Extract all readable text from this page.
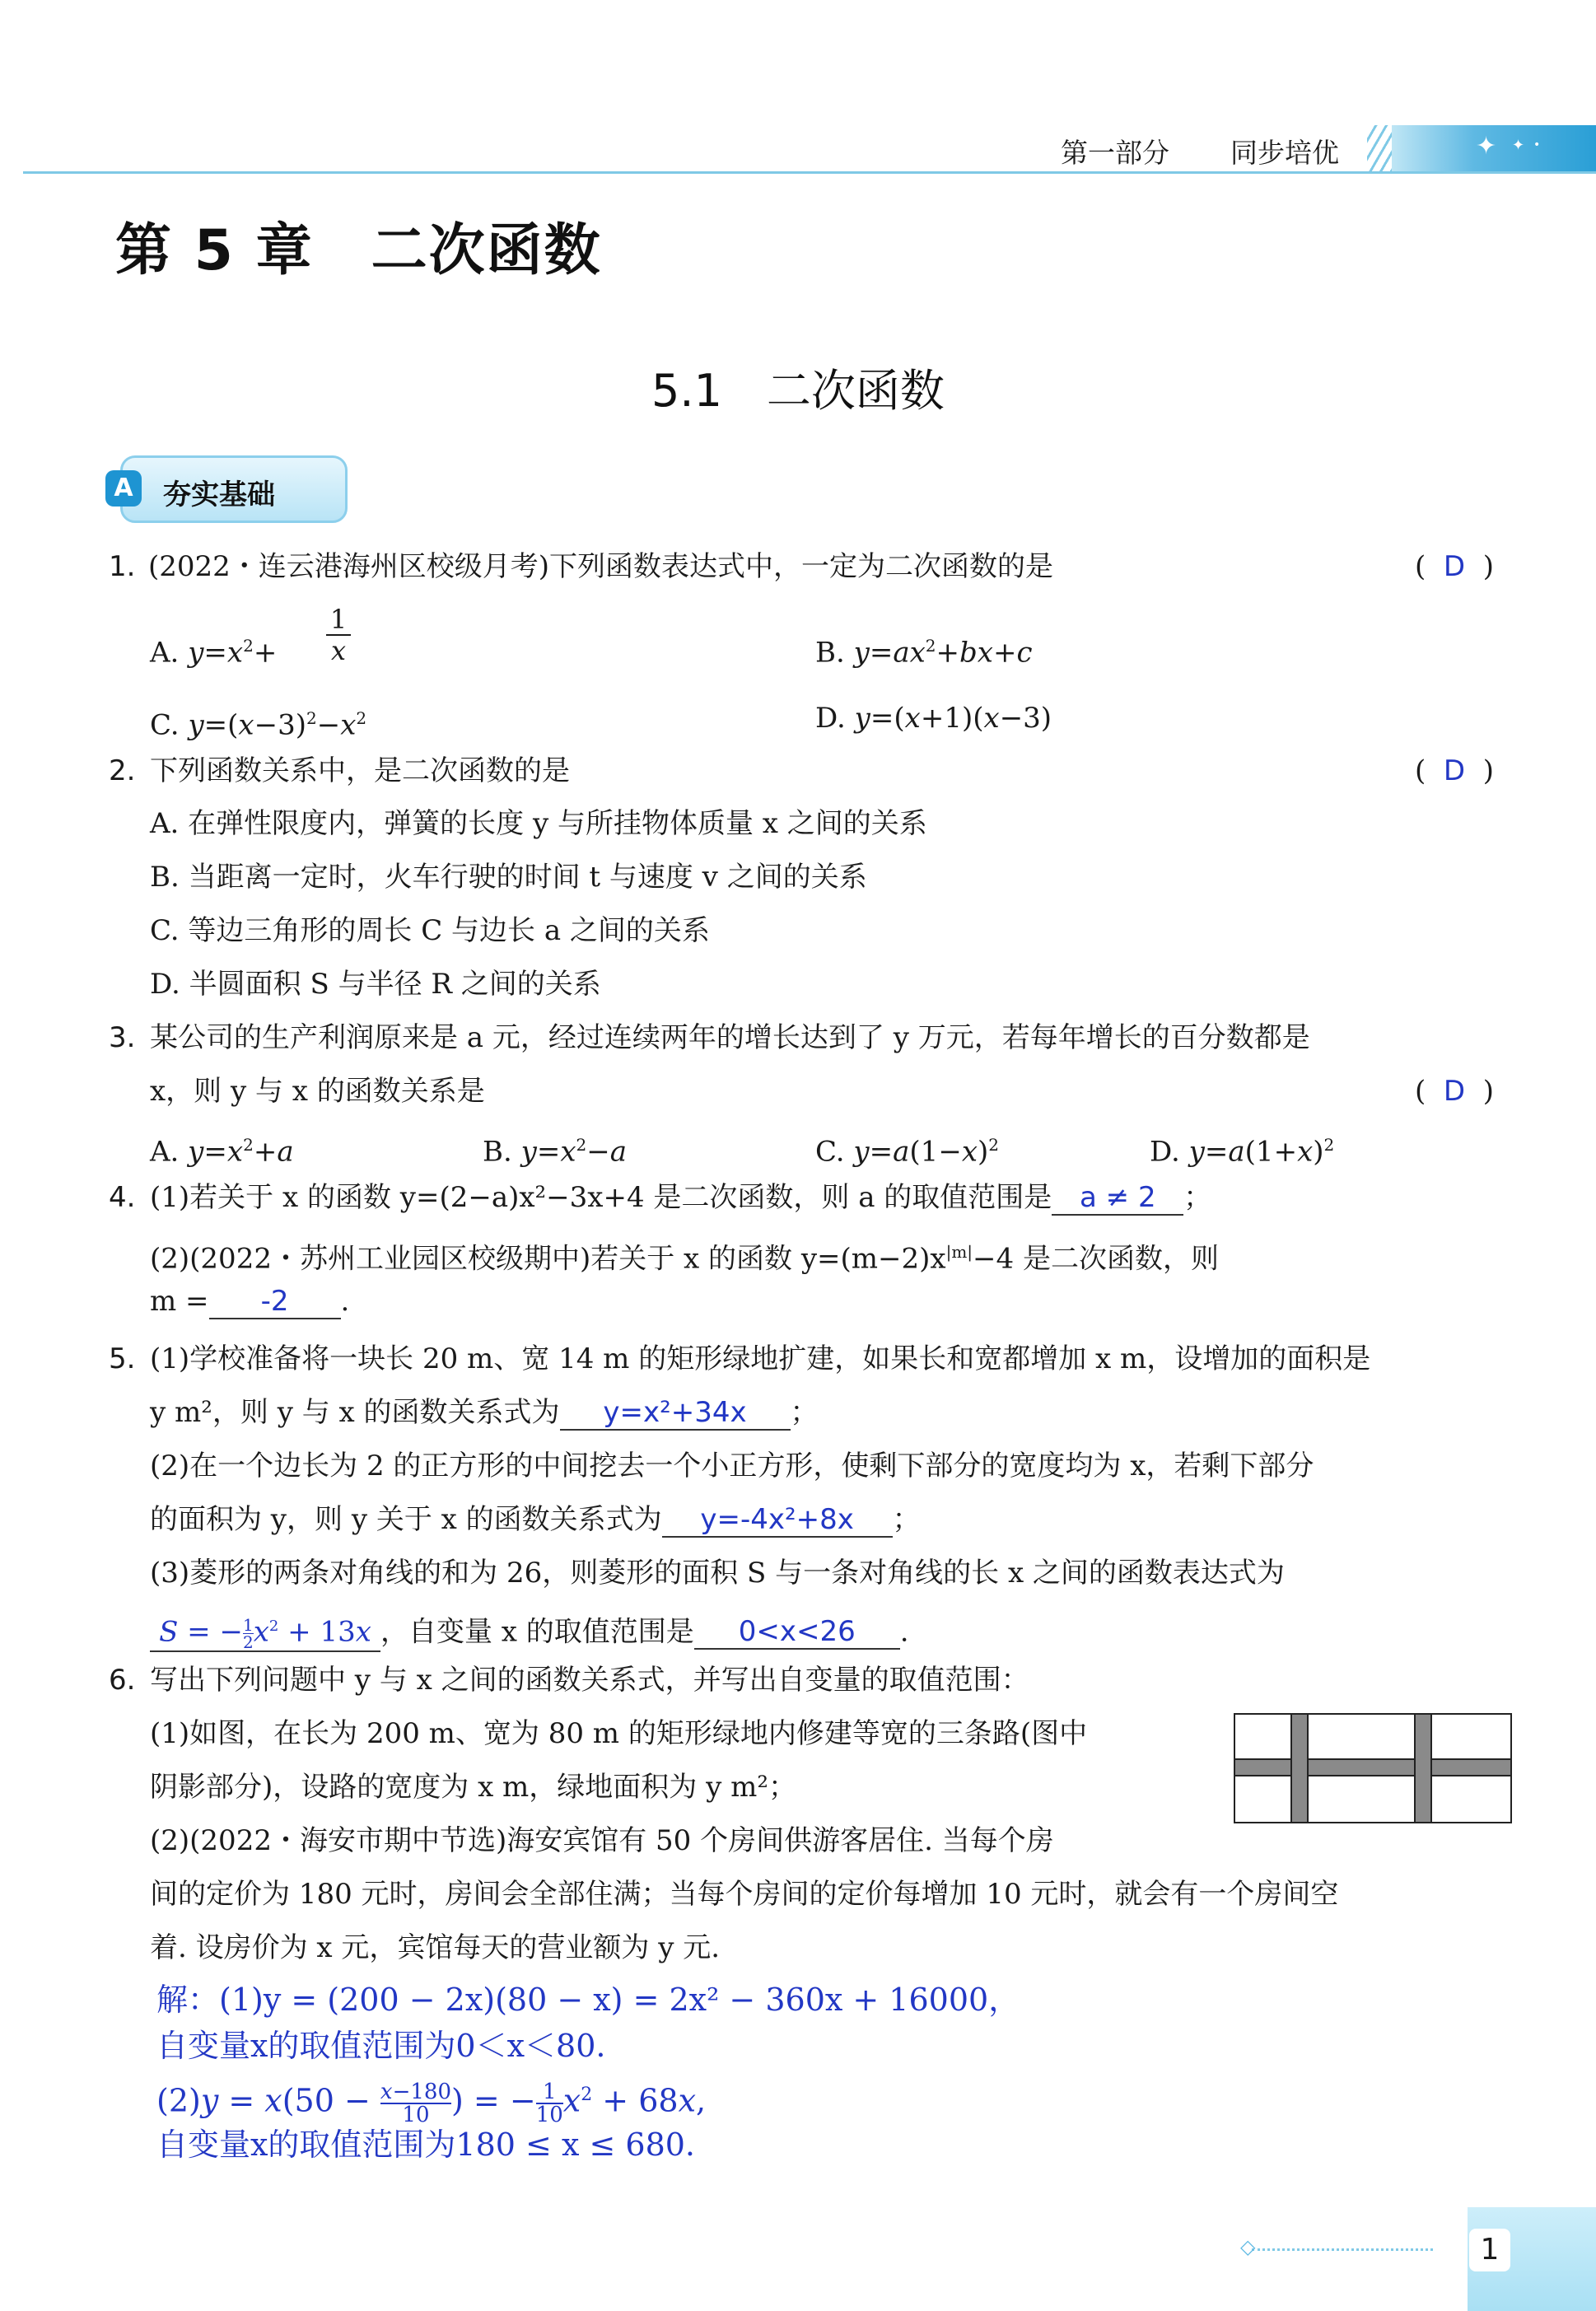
✦ ✦ •
第一部分 同步培优
第 5 章　二次函数
5.1　二次函数
A	夯实基础
1. (2022・连云港海州区校级月考)下列函数表达式中，一定为二次函数的是	(  D  )
A. $y=x^2+$
1
x	B. $y=ax^2+bx+c$
C. $y=(x-3)^2-x^2$	D. y=(x+1)(x−3)
2. 下列函数关系中，是二次函数的是	(  D  )
A. 在弹性限度内，弹簧的长度 y 与所挂物体质量 x 之间的关系
B. 当距离一定时，火车行驶的时间 t 与速度 v 之间的关系
C. 等边三角形的周长 C 与边长 a 之间的关系
D. 半圆面积 S 与半径 R 之间的关系
3. 某公司的生产利润原来是 a 元，经过连续两年的增长达到了 y 万元，若每年增长的百分数都是
x，则 y 与 x 的函数关系是	(  D  )
A. $y=x^2+a$	B. $y=x^2-a$	C. $y=a(1-x)^2$	D. $y=a(1+x)^2$
4. (1)若关于 x 的函数 y=(2−a)x²−3x+4 是二次函数，则 a 的取值范围是 a ≠ 2 ；
(2)(2022・苏州工业园区校级期中)若关于 x 的函数 $y=(m-2)x^{|m|}-4$ 是二次函数，则
m = -2 .
5. (1)学校准备将一块长 20 m、宽 14 m 的矩形绿地扩建，如果长和宽都增加 x m，设增加的面积是
y m²，则 y 与 x 的函数关系式为 y=x²+34x ；
(2)在一个边长为 2 的正方形的中间挖去一个小正方形，使剩下部分的宽度均为 x，若剩下部分
的面积为 y，则 y 关于 x 的函数关系式为 y=-4x²+8x ；
(3)菱形的两条对角线的和为 26，则菱形的面积 S 与一条对角线的长 x 之间的函数表达式为
S = − $\frac{1}{2} x^2 + 13x$ ，自变量 x 的取值范围是 0<x<26 .
6. 写出下列问题中 y 与 x 之间的函数关系式，并写出自变量的取值范围：
(1)如图，在长为 200 m、宽为 80 m 的矩形绿地内修建等宽的三条路(图中
阴影部分)，设路的宽度为 x m，绿地面积为 y m²；
(2)(2022・海安市期中节选)海安宾馆有 50 个房间供游客居住. 当每个房
间的定价为 180 元时，房间会全部住满；当每个房间的定价每增加 10 元时，就会有一个房间空
着. 设房价为 x 元，宾馆每天的营业额为 y 元.
解：(1)y = (200 − 2x)(80 − x) = 2x² − 360x + 16000，
自变量x的取值范围为0＜x＜80.
$(2)y = x(50 - \frac{x-180}{10}$ ) = − $\frac{1}{10} x^2 + 68x$,
自变量x的取值范围为180 ≤ x ≤ 680.
◇	1
